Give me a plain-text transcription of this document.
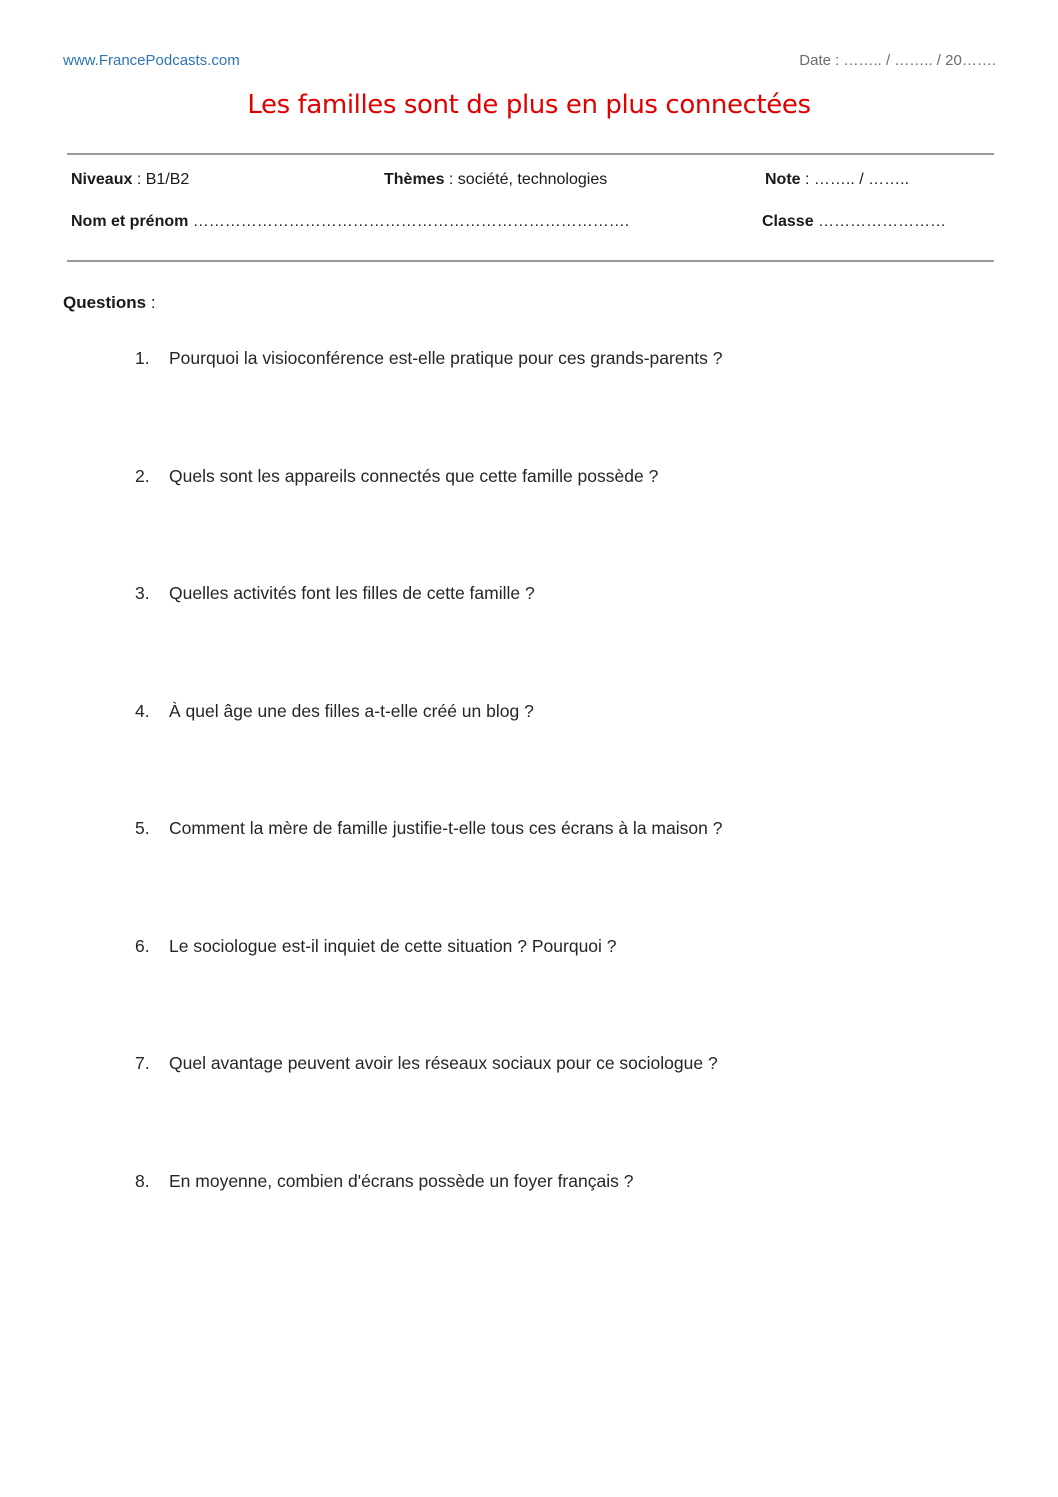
www.FrancePodcasts.com	Date : …….. / …….. / 20…….
Les familles sont de plus en plus connectées
Niveaux : B1/B2	Thèmes : société, technologies	Note : …….. / ……..
Nom et prénom ……………………………………………………………………….	Classe ……………………
Questions :
1.	Pourquoi la visioconférence est-elle pratique pour ces grands-parents ?
2.	Quels sont les appareils connectés que cette famille possède ?
3.	Quelles activités font les filles de cette famille ?
4.	À quel âge une des filles a-t-elle créé un blog ?
5.	Comment la mère de famille justifie-t-elle tous ces écrans à la maison ?
6.	Le sociologue est-il inquiet de cette situation ? Pourquoi ?
7.	Quel avantage peuvent avoir les réseaux sociaux pour ce sociologue ?
8.	En moyenne, combien d'écrans possède un foyer français ?
